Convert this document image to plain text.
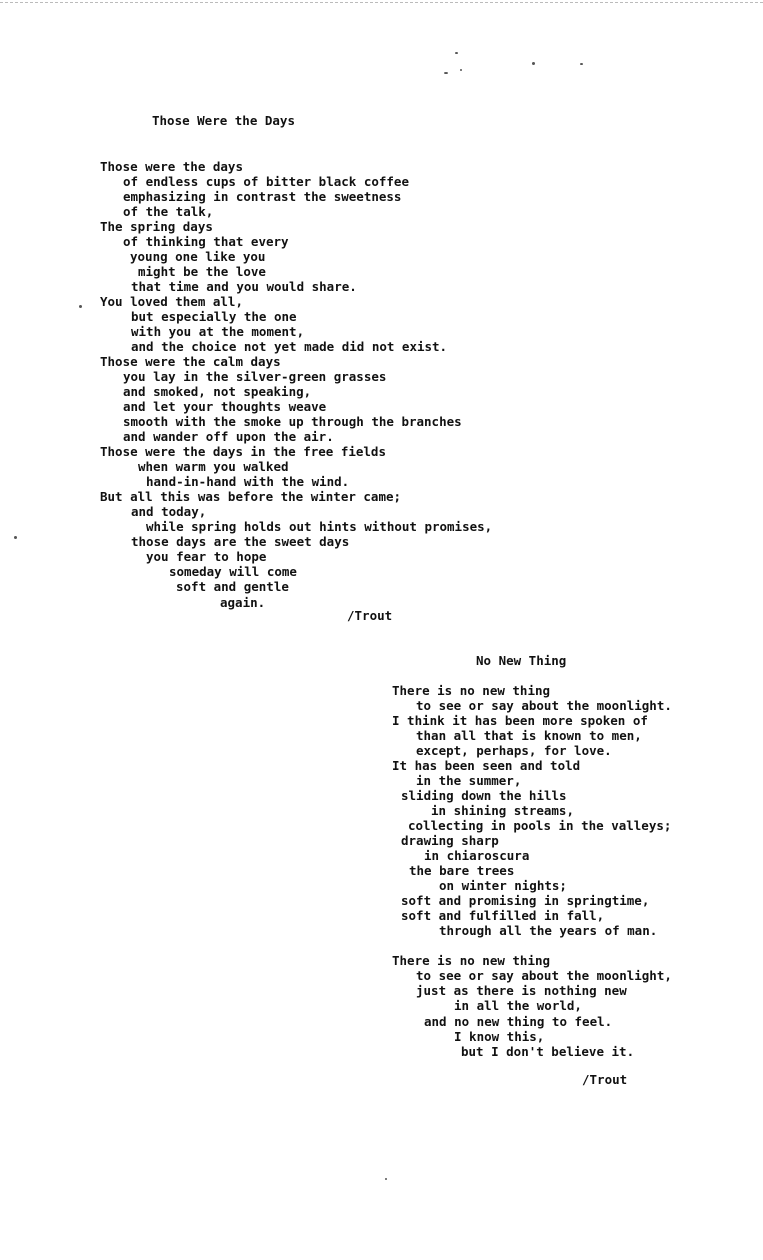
Those Were the Days
Those were the days
of endless cups of bitter black coffee
emphasizing in contrast the sweetness
of the talk,
The spring days
of thinking that every
young one like you
might be the love
that time and you would share.
You loved them all,
but especially the one
with you at the moment,
and the choice not yet made did not exist.
Those were the calm days
you lay in the silver-green grasses
and smoked, not speaking,
and let your thoughts weave
smooth with the smoke up through the branches
and wander off upon the air.
Those were the days in the free fields
when warm you walked
hand-in-hand with the wind.
But all this was before the winter came;
and today,
while spring holds out hints without promises,
those days are the sweet days
you fear to hope
someday will come
soft and gentle
again.
/Trout
No New Thing
There is no new thing
to see or say about the moonlight.
I think it has been more spoken of
than all that is known to men,
except, perhaps, for love.
It has been seen and told
in the summer,
sliding down the hills
in shining streams,
collecting in pools in the valleys;
drawing sharp
in chiaroscura
the bare trees
on winter nights;
soft and promising in springtime,
soft and fulfilled in fall,
through all the years of man.
There is no new thing
to see or say about the moonlight,
just as there is nothing new
in all the world,
and no new thing to feel.
I know this,
but I don't believe it.
/Trout
